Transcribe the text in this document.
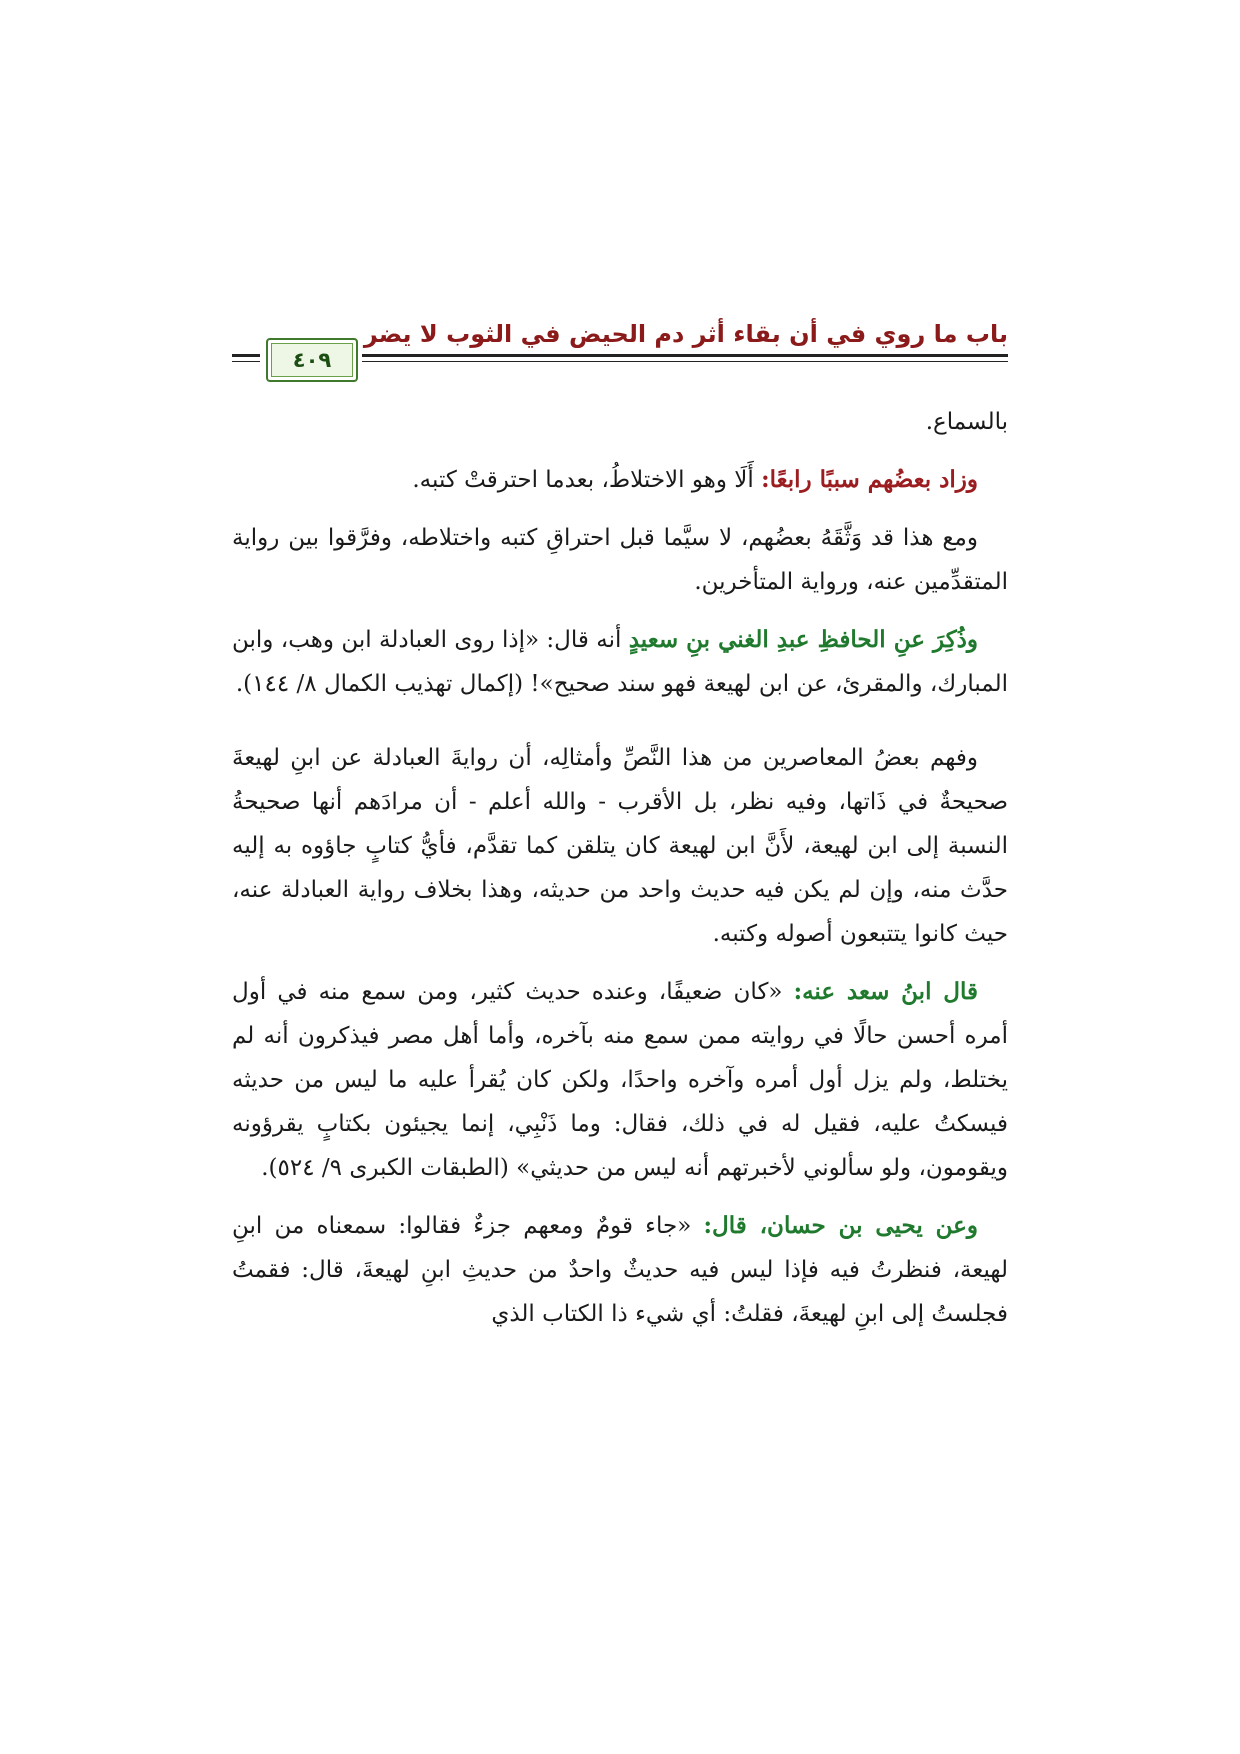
باب ما روي في أن بقاء أثر دم الحيض في الثوب لا يضر
٤٠٩

بالسماع.

وزاد بعضُهم سببًا رابعًا: أَلَا وهو الاختلاطُ، بعدما احترقتْ كتبه.

ومع هذا قد وَثَّقَهُ بعضُهم، لا سيَّما قبل احتراقِ كتبه واختلاطه، وفرَّقوا بين رواية المتقدِّمين عنه، ورواية المتأخرين.

وذُكِرَ عنِ الحافظِ عبدِ الغني بنِ سعيدٍ أنه قال: «إذا روى العبادلة ابن وهب، وابن المبارك، والمقرئ، عن ابن لهيعة فهو سند صحيح»! (إكمال تهذيب الكمال ٨/ ١٤٤).

وفهم بعضُ المعاصرين من هذا النَّصِّ وأمثالِه، أن روايةَ العبادلة عن ابنِ لهيعةَ صحيحةٌ في ذَاتها، وفيه نظر، بل الأقرب - والله أعلم - أن مرادَهم أنها صحيحةُ النسبة إلى ابن لهيعة، لأَنَّ ابن لهيعة كان يتلقن كما تقدَّم، فأيُّ كتابٍ جاؤوه به إليه حدَّث منه، وإن لم يكن فيه حديث واحد من حديثه، وهذا بخلاف رواية العبادلة عنه، حيث كانوا يتتبعون أصوله وكتبه.

قال ابنُ سعد عنه: «كان ضعيفًا، وعنده حديث كثير، ومن سمع منه في أول أمره أحسن حالًا في روايته ممن سمع منه بآخره، وأما أهل مصر فيذكرون أنه لم يختلط، ولم يزل أول أمره وآخره واحدًا، ولكن كان يُقرأ عليه ما ليس من حديثه فيسكتُ عليه، فقيل له في ذلك، فقال: وما ذَنْبِي، إنما يجيئون بكتابٍ يقرؤونه ويقومون، ولو سألوني لأخبرتهم أنه ليس من حديثي» (الطبقات الكبرى ٩/ ٥٢٤).

وعن يحيى بن حسان، قال: «جاء قومٌ ومعهم جزءٌ فقالوا: سمعناه من ابنِ لهيعة، فنظرتُ فيه فإذا ليس فيه حديثٌ واحدٌ من حديثِ ابنِ لهيعةَ، قال: فقمتُ فجلستُ إلى ابنِ لهيعةَ، فقلتُ: أي شيء ذا الكتاب الذي
